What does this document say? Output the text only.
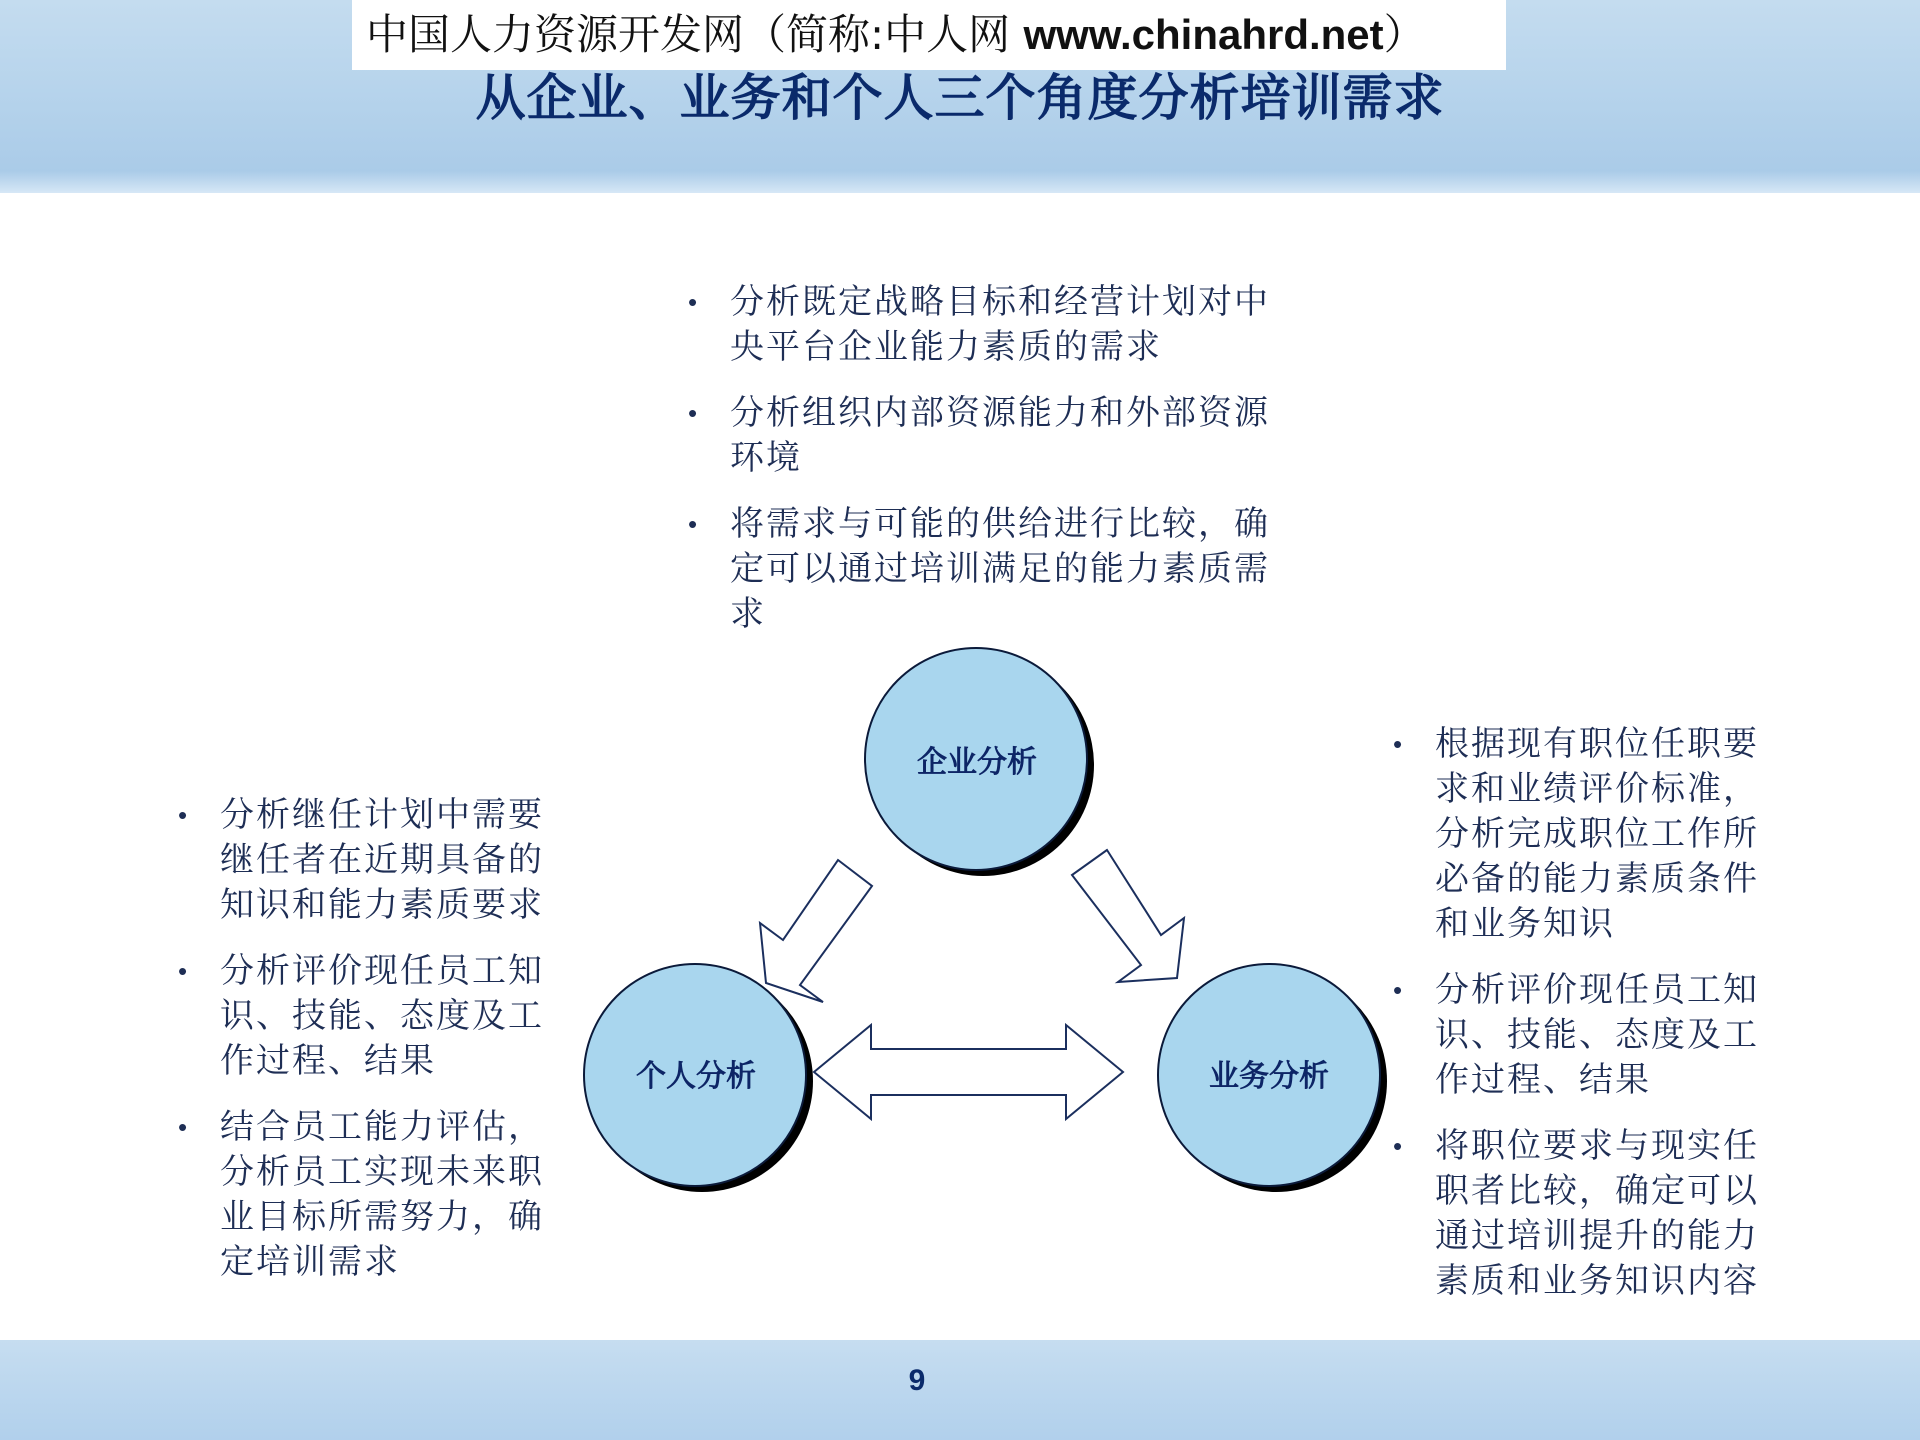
中国人力资源开发网（简称:中人网 www.chinahrd.net）
从企业、业务和个人三个角度分析培训需求
• 分析既定战略目标和经营计划对中央平台企业能力素质的需求
• 分析组织内部资源能力和外部资源环境
• 将需求与可能的供给进行比较，确定可以通过培训满足的能力素质需求
• 分析继任计划中需要继任者在近期具备的知识和能力素质要求
• 分析评价现任员工知识、技能、态度及工作过程、结果
• 结合员工能力评估，分析员工实现未来职业目标所需努力，确定培训需求
• 根据现有职位任职要求和业绩评价标准，分析完成职位工作所必备的能力素质条件和业务知识
• 分析评价现任员工知识、技能、态度及工作过程、结果
• 将职位要求与现实任职者比较，确定可以通过培训提升的能力素质和业务知识内容
企业分析
个人分析	业务分析
9
